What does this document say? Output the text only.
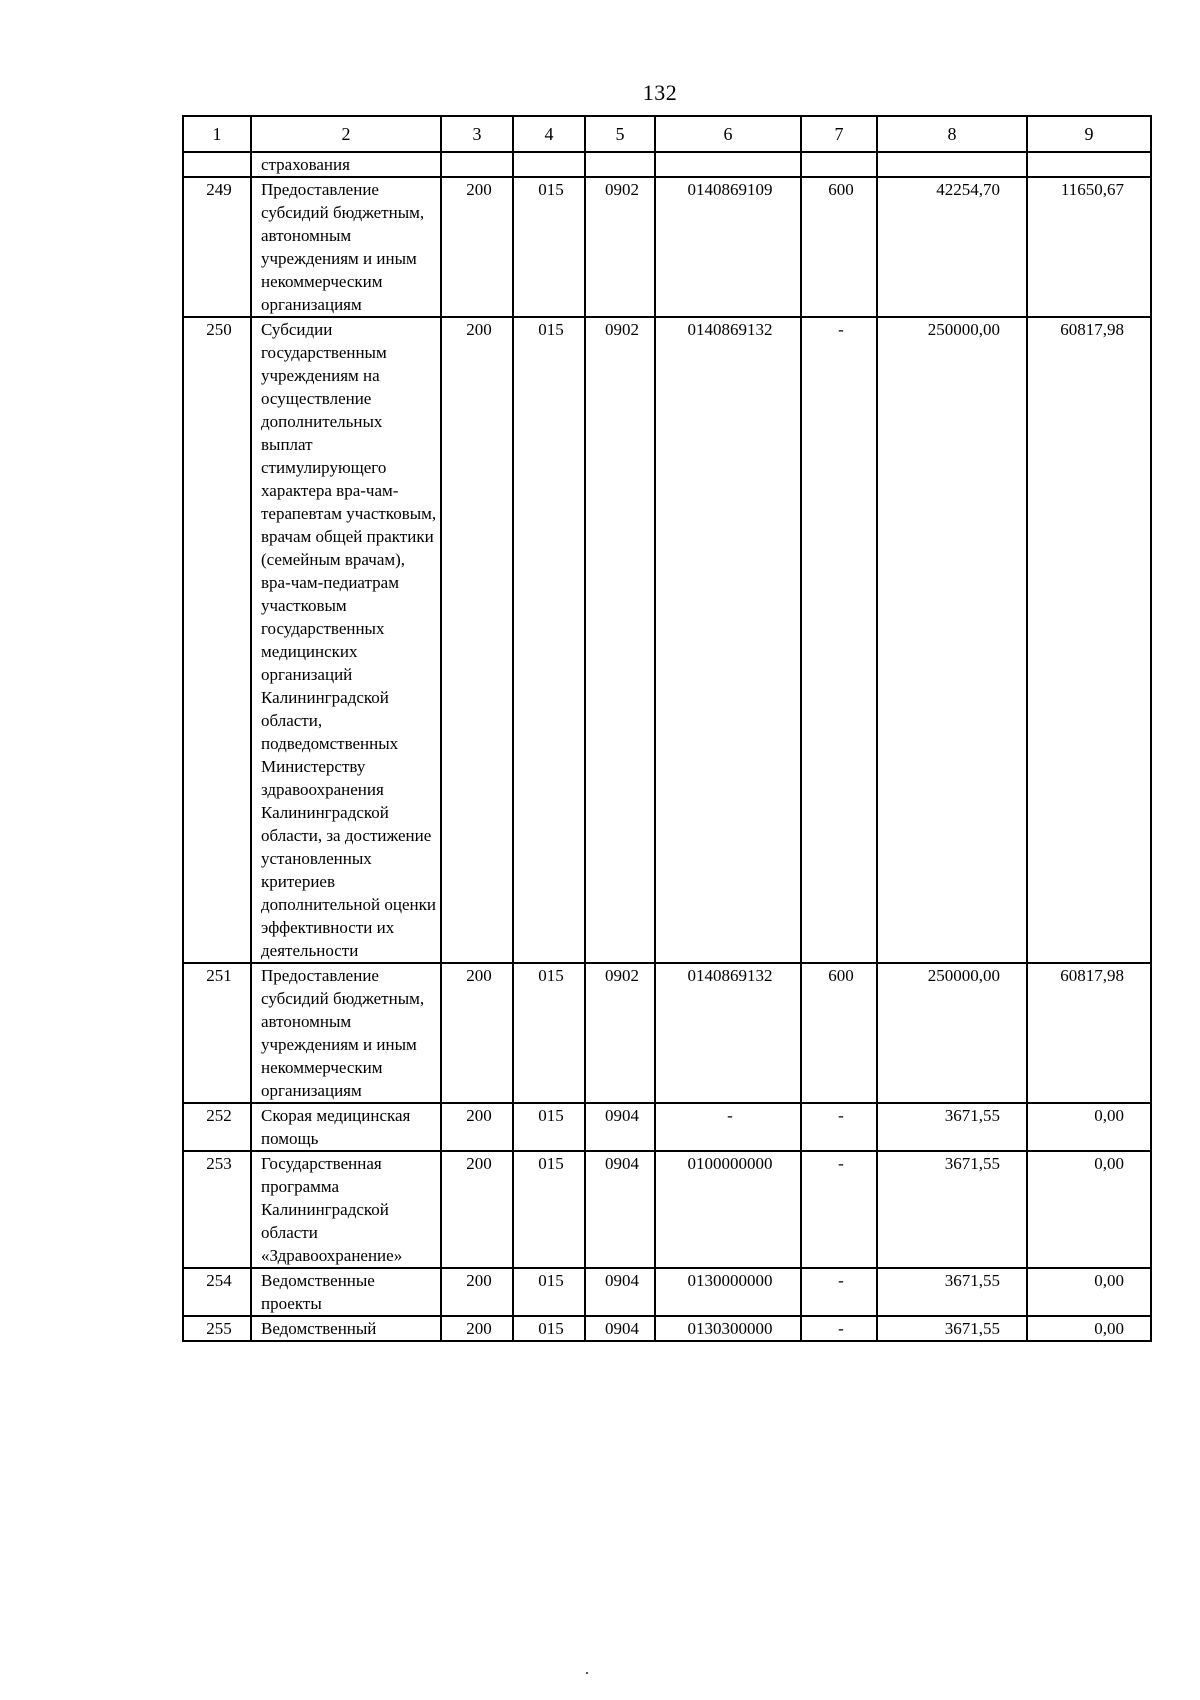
132
1	2	3	4	5	6	7	8	9
	страхования							
249	Предоставление субсидий бюджетным, автономным учреждениям и иным некоммерческим организациям	200	015	0902	0140869109	600	42254,70	11650,67
250	Субсидии государственным учреждениям на осуществление дополнительных выплат стимулирующего характера вра-чам-терапевтам участковым, врачам общей практики (семейным врачам), вра-чам-педиатрам участковым государственных медицинских организаций Калининградской области, подведомственных Министерству здравоохранения Калининградской области, за достижение установленных критериев дополнительной оценки эффективности их деятельности	200	015	0902	0140869132	-	250000,00	60817,98
251	Предоставление субсидий бюджетным, автономным учреждениям и иным некоммерческим организациям	200	015	0902	0140869132	600	250000,00	60817,98
252	Скорая медицинская помощь	200	015	0904	-	-	3671,55	0,00
253	Государственная программа Калининградской области «Здравоохранение»	200	015	0904	0100000000	-	3671,55	0,00
254	Ведомственные проекты	200	015	0904	0130000000	-	3671,55	0,00
255	Ведомственный	200	015	0904	0130300000	-	3671,55	0,00
